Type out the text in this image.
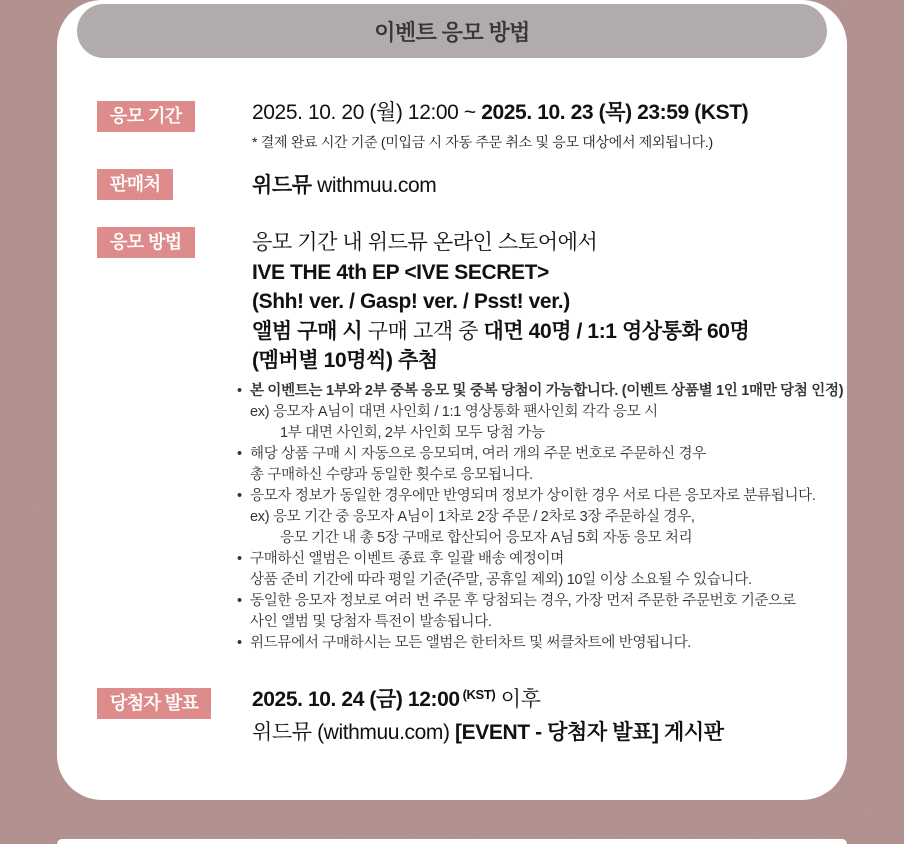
이벤트 응모 방법
응모 기간	2025. 10. 20 (월) 12:00 ~ 2025. 10. 23 (목) 23:59 (KST)
* 결제 완료 시간 기준 (미입금 시 자동 주문 취소 및 응모 대상에서 제외됩니다.)
판매처	위드뮤 withmuu.com
응모 방법	응모 기간 내 위드뮤 온라인 스토어에서
IVE THE 4th EP <IVE SECRET>
(Shh! ver. / Gasp! ver. / Psst! ver.)
앨범 구매 시 구매 고객 중 대면 40명 / 1:1 영상통화 60명
(멤버별 10명씩) 추첨
• 본 이벤트는 1부와 2부 중복 응모 및 중복 당첨이 가능합니다. (이벤트 상품별 1인 1매만 당첨 인정)
ex) 응모자 A님이 대면 사인회 / 1:1 영상통화 팬사인회 각각 응모 시
1부 대면 사인회, 2부 사인회 모두 당첨 가능
• 해당 상품 구매 시 자동으로 응모되며, 여러 개의 주문 번호로 주문하신 경우
총 구매하신 수량과 동일한 횟수로 응모됩니다.
• 응모자 정보가 동일한 경우에만 반영되며 정보가 상이한 경우 서로 다른 응모자로 분류됩니다.
ex) 응모 기간 중 응모자 A님이 1차로 2장 주문 / 2차로 3장 주문하실 경우,
응모 기간 내 총 5장 구매로 합산되어 응모자 A님 5회 자동 응모 처리
• 구매하신 앨범은 이벤트 종료 후 일괄 배송 예정이며
상품 준비 기간에 따라 평일 기준(주말, 공휴일 제외) 10일 이상 소요될 수 있습니다.
• 동일한 응모자 정보로 여러 번 주문 후 당첨되는 경우, 가장 먼저 주문한 주문번호 기준으로
사인 앨범 및 당첨자 특전이 발송됩니다.
• 위드뮤에서 구매하시는 모든 앨범은 한터차트 및 써클차트에 반영됩니다.
당첨자 발표	2025. 10. 24 (금) 12:00 $^{(KST)}$ 이후
위드뮤 (withmuu.com) [EVENT - 당첨자 발표] 게시판
